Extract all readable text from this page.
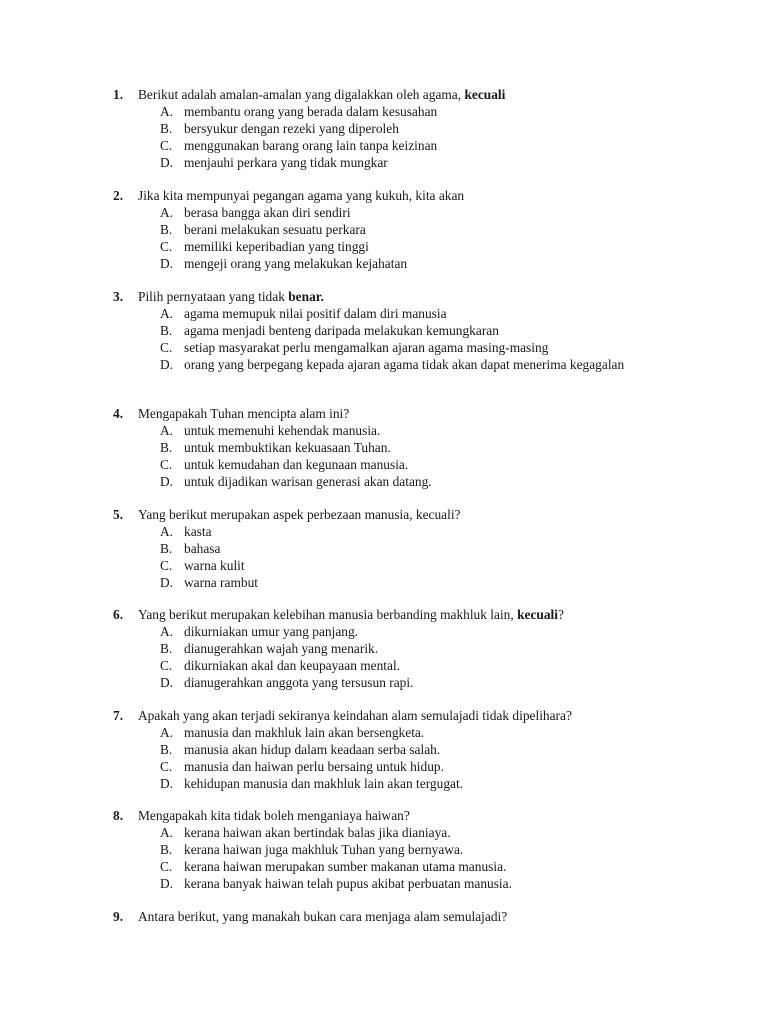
1.	Berikut adalah amalan-amalan yang digalakkan oleh agama, kecuali
A. membantu orang yang berada dalam kesusahan
B. bersyukur dengan rezeki yang diperoleh
C. menggunakan barang orang lain tanpa keizinan
D. menjauhi perkara yang tidak mungkar
2.	Jika kita mempunyai pegangan agama yang kukuh, kita akan
A. berasa bangga akan diri sendiri
B. berani melakukan sesuatu perkara
C. memiliki keperibadian yang tinggi
D. mengeji orang yang melakukan kejahatan
3.	Pilih pernyataan yang tidak benar.
A. agama memupuk nilai positif dalam diri manusia
B. agama menjadi benteng daripada melakukan kemungkaran
C. setiap masyarakat perlu mengamalkan ajaran agama masing-masing
D. orang yang berpegang kepada ajaran agama tidak akan dapat menerima kegagalan
4.	Mengapakah Tuhan mencipta alam ini?
A. untuk memenuhi kehendak manusia.
B. untuk membuktikan kekuasaan Tuhan.
C. untuk kemudahan dan kegunaan manusia.
D. untuk dijadikan warisan generasi akan datang.
5.	Yang berikut merupakan aspek perbezaan manusia, kecuali?
A. kasta
B. bahasa
C. warna kulit
D. warna rambut
6.	Yang berikut merupakan kelebihan manusia berbanding makhluk lain, kecuali?
A. dikurniakan umur yang panjang.
B. dianugerahkan wajah yang menarik.
C. dikurniakan akal dan keupayaan mental.
D. dianugerahkan anggota yang tersusun rapi.
7.	Apakah yang akan terjadi sekiranya keindahan alam semulajadi tidak dipelihara?
A. manusia dan makhluk lain akan bersengketa.
B. manusia akan hidup dalam keadaan serba salah.
C. manusia dan haiwan perlu bersaing untuk hidup.
D. kehidupan manusia dan makhluk lain akan tergugat.
8.	Mengapakah kita tidak boleh menganiaya haiwan?
A. kerana haiwan akan bertindak balas jika dianiaya.
B. kerana haiwan juga makhluk Tuhan yang bernyawa.
C. kerana haiwan merupakan sumber makanan utama manusia.
D. kerana banyak haiwan telah pupus akibat perbuatan manusia.
9.	Antara berikut, yang manakah bukan cara menjaga alam semulajadi?
